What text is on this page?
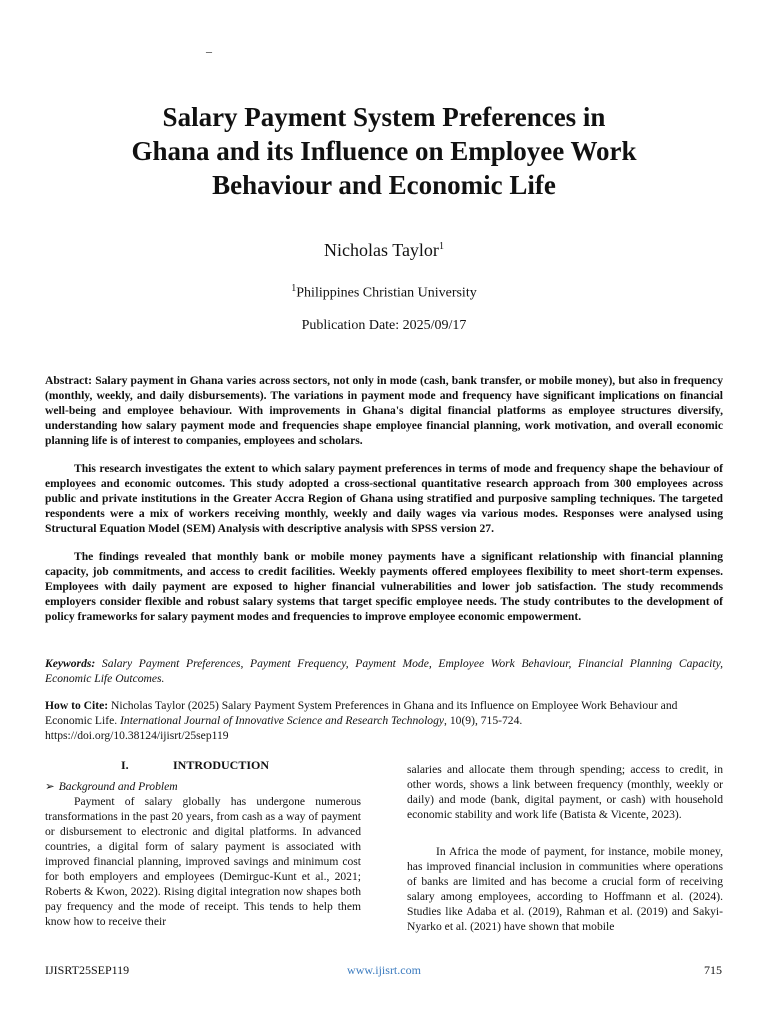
–
Salary Payment System Preferences in
Ghana and its Influence on Employee Work
Behaviour and Economic Life
Nicholas Taylor$^1$
$^1$Philippines Christian University
Publication Date: 2025/09/17

Abstract: Salary payment in Ghana varies across sectors, not only in mode (cash, bank transfer, or mobile money), but also in frequency (monthly, weekly, and daily disbursements). The variations in payment mode and frequency have significant implications on financial well-being and employee behaviour. With improvements in Ghana's digital financial platforms as employee structures diversify, understanding how salary payment mode and frequencies shape employee financial planning, work motivation, and overall economic planning life is of interest to companies, employees and scholars.

This research investigates the extent to which salary payment preferences in terms of mode and frequency shape the behaviour of employees and economic outcomes. This study adopted a cross-sectional quantitative research approach from 300 employees across public and private institutions in the Greater Accra Region of Ghana using stratified and purposive sampling techniques. The targeted respondents were a mix of workers receiving monthly, weekly and daily wages via various modes. Responses were analysed using Structural Equation Model (SEM) Analysis with descriptive analysis with SPSS version 27.

The findings revealed that monthly bank or mobile money payments have a significant relationship with financial planning capacity, job commitments, and access to credit facilities. Weekly payments offered employees flexibility to meet short-term expenses. Employees with daily payment are exposed to higher financial vulnerabilities and lower job satisfaction. The study recommends employers consider flexible and robust salary systems that target specific employee needs. The study contributes to the development of policy frameworks for salary payment modes and frequencies to improve employee economic empowerment.

Keywords: Salary Payment Preferences, Payment Frequency, Payment Mode, Employee Work Behaviour, Financial Planning Capacity, Economic Life Outcomes.
How to Cite: Nicholas Taylor (2025) Salary Payment System Preferences in Ghana and its Influence on Employee Work Behaviour and Economic Life. International Journal of Innovative Science and Research Technology, 10(9), 715-724.
https://doi.org/10.38124/ijisrt/25sep119
I.	INTRODUCTION

➢ Background and Problem

Payment of salary globally has undergone numerous transformations in the past 20 years, from cash as a way of payment or disbursement to electronic and digital platforms. In advanced countries, a digital form of salary payment is associated with improved financial planning, improved savings and minimum cost for both employers and employees (Demirguc-Kunt et al., 2021; Roberts & Kwon, 2022). Rising digital integration now shapes both pay frequency and the mode of receipt. This tends to help them know how to receive their

salaries and allocate them through spending; access to credit, in other words, shows a link between frequency (monthly, weekly or daily) and mode (bank, digital payment, or cash) with household economic stability and work life (Batista & Vicente, 2023).

In Africa the mode of payment, for instance, mobile money, has improved financial inclusion in communities where operations of banks are limited and has become a crucial form of receiving salary among employees, according to Hoffmann et al. (2024). Studies like Adaba et al. (2019), Rahman et al. (2019) and Sakyi-Nyarko et al. (2021) have shown that mobile

IJISRT25SEP119	www.ijisrt.com	715
